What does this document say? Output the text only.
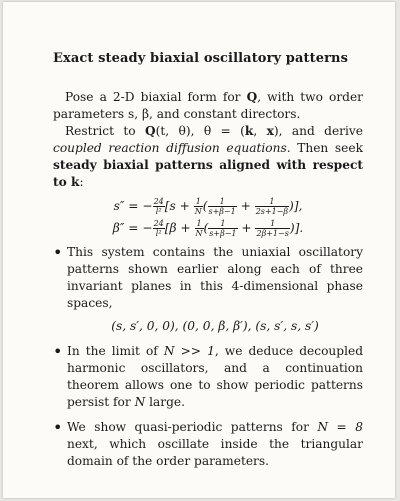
Exact steady biaxial oscillatory patterns

Pose a 2-D biaxial form for Q, with two order parameters s, β, and constant directors.

Restrict to Q(t, θ), θ = (k, x), and derive coupled reaction diffusion equations. Then seek steady biaxial patterns aligned with respect to k:

s″ = − $\frac{24}{\text{l²}} [s + \frac{1}{N}$ ( $\frac{1}{s+\beta-1} + \frac{1}{2s+1-\beta}$ )],
β″ = − $\frac{24}{\text{l²}} [\beta + \frac{1}{N}$ ( $\frac{1}{s+\beta-1} + \frac{1}{2\beta+1-s}$ )].
• This system contains the uniaxial oscillatory patterns shown earlier along each of three invariant planes in this 4-dimensional phase spaces,
(s, s′, 0, 0), (0, 0, β, β′), (s, s′, s, s′)
• In the limit of N >> 1, we deduce decoupled harmonic oscillators, and a continuation theorem allows one to show periodic patterns persist for N large.
• We show quasi-periodic patterns for N = 8 next, which oscillate inside the triangular domain of the order parameters.
